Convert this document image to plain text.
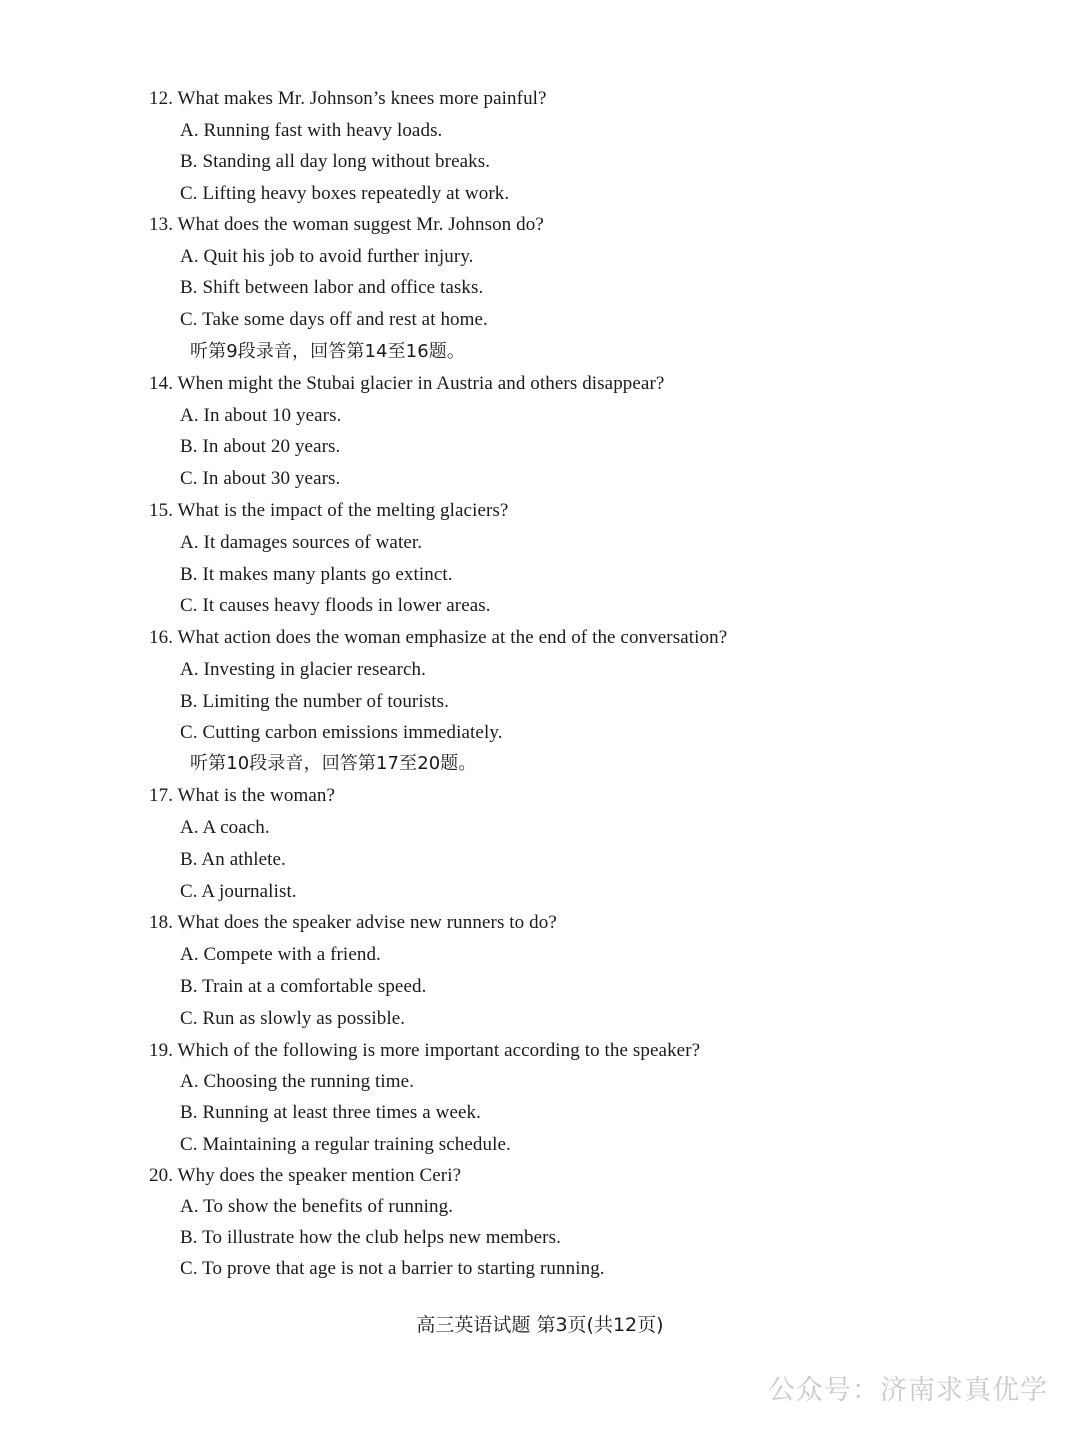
12. What makes Mr. Johnson’s knees more painful?
A. Running fast with heavy loads.
B. Standing all day long without breaks.
C. Lifting heavy boxes repeatedly at work.
13. What does the woman suggest Mr. Johnson do?
A. Quit his job to avoid further injury.
B. Shift between labor and office tasks.
C. Take some days off and rest at home.
听第9段录音，回答第14至16题。
14. When might the Stubai glacier in Austria and others disappear?
A. In about 10 years.
B. In about 20 years.
C. In about 30 years.
15. What is the impact of the melting glaciers?
A. It damages sources of water.
B. It makes many plants go extinct.
C. It causes heavy floods in lower areas.
16. What action does the woman emphasize at the end of the conversation?
A. Investing in glacier research.
B. Limiting the number of tourists.
C. Cutting carbon emissions immediately.
听第10段录音，回答第17至20题。
17. What is the woman?
A. A coach.
B. An athlete.
C. A journalist.
18. What does the speaker advise new runners to do?
A. Compete with a friend.
B. Train at a comfortable speed.
C. Run as slowly as possible.
19. Which of the following is more important according to the speaker?
A. Choosing the running time.
B. Running at least three times a week.
C. Maintaining a regular training schedule.
20. Why does the speaker mention Ceri?
A. To show the benefits of running.
B. To illustrate how the club helps new members.
C. To prove that age is not a barrier to starting running.
高三英语试题 第3页(共12页)
公众号：济南求真优学
